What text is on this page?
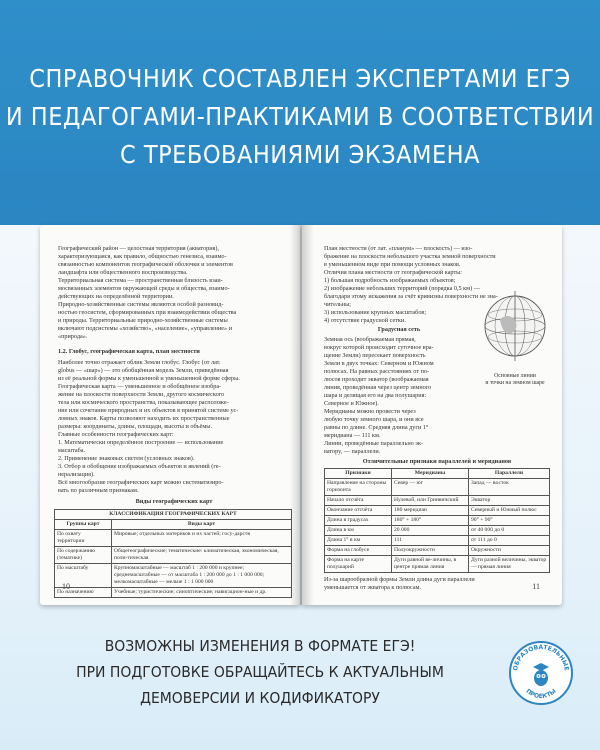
СПРАВОЧНИК СОСТАВЛЕН ЭКСПЕРТАМИ ЕГЭ
И ПЕДАГОГАМИ-ПРАКТИКАМИ В СООТВЕТСТВИИ
С ТРЕБОВАНИЯМИ ЭКЗАМЕНА
Географический район — целостная территория (акватория),
характеризующаяся, как правило, общностью генезиса, взаимо-
связанностью компонентов географической оболочки и элементов
ландшафта или общественного воспроизводства.
Территориальная система — пространственная близость взаи-
мосвязанных элементов окружающей среды и общества, взаимо-
действующих на определённой территории.
Природно-хозяйственные системы являются особой разновид-
ностью геосистем, сформированных при взаимодействии общества
и природы. Территориальные природно-хозяйственные системы
включают подсистемы «хозяйство», «население», «управление» и
«природа».
1.2. Глобус, географическая карта, план местности
Наиболее точно отражает облик Земли глобус. Глобус (от лат.
globus — «шар») — это обобщённая модель Земли, приведённая
из её реальной формы к уменьшенной и уменьшенной форме сферы.
Географическая карта — уменьшенное и обобщённое изобра-
жение на плоскости поверхности Земли, другого космического
тела или космического пространства, показывающее расположе-
ние или сочетание природных и их объектов в принятой системе ус-
ловных знаков. Карты позволяют находить их пространственные
размеры: координаты, длины, площади, высоты и объёмы.
Главные особенности географических карт:
1. Математически определённое построение — использование
масштаба.
2. Применение знаковых систем (условных знаков).
3. Отбор и обобщение изображаемых объектов и явлений (ге-
нерализация).
Всё многообразие географических карт можно систематизиро-
вать по различным признакам.
Виды географических карт
КЛАССИФИКАЦИЯ ГЕОГРАФИЧЕСКИХ КАРТ	
Группы карт	Виды карт
По охвату территории	Мировые; отдельных материков и их частей; госу-дарств
По содержанию (тематике)	Общегеографические; тематические: климатическая, экономическая, поли-тическая
По масштабу	Крупномасштабные — масштаб 1 : 200 000 и крупнее; среднемасштабные — от масштаба 1 : 200 000 до 1 : 1 000 000; мелкомасштабные — мельче 1 : 1 000 000
По назначению	Учебные; туристические; синоптические; навигацион-ные и др.
10
План местности (от лат. «планум» — плоскость) — изо-
бражение на плоскости небольшого участка земной поверхности
в уменьшенном виде при помощи условных знаков.
Отличия плана местности от географической карты:
1) большая подробность изображаемых объектов;
2) изображение небольших территорий (порядка 0,5 км) —
благодаря этому искажения за счёт кривизны поверхности не зна-
чительны;
3) использование крупных масштабов;
4) отсутствие градусной сетки.
Градусная сеть
Земная ось (воображаемая прямая,
вокруг которой происходит суточное вра-
щение Земли) пересекает поверхность
Земли в двух точках: Северном и Южном
полюсах. На равных расстояниях от по-
люсов проходит экватор (воображаемая
линия, проведённая через центр земного
шара и делящая его на два полушария:
Северное и Южное).
Меридианы можно провести через
любую точку земного шара, и они все
равны по длине. Средняя длина дуги 1°
меридиана — 111 км.
Линии, проведённые параллельно эк-
ватору, — параллели.
Основные линии
и точки на земном шаре
Отличительные признаки параллелей и меридианов
Признаки	Меридианы	Параллели
Направление на стороны горизонта	Север — юг	Запад — восток
Начало отсчёта	Нулевой, или Гринвичский	Экватор
Окончание отсчёта	180 меридиан	Северный и Южный полюс
Длина в градусах	180° + 180°	90° + 90°
Длина в км	20 000	от 40 000 до 0
Длина 1° в км	111	от 111 до 0
Форма на глобусе	Полуокружности	Окружности
Форма на карте полушарий	Дуги равной ве-личины, в центре прямая линия	Дуги разной величины, экватор — прямая линия
Из-за шарообразной формы Земли длина дуги параллели
уменьшается от экватора к полюсам.	11
ВОЗМОЖНЫ ИЗМЕНЕНИЯ В ФОРМАТЕ ЕГЭ!
ПРИ ПОДГОТОВКЕ ОБРАЩАЙТЕСЬ К АКТУАЛЬНЫМ
ДЕМОВЕРСИИ И КОДИФИКАТОРУ
ОБРАЗОВАТЕЛЬНЫЕ
ПРОЕКТЫ
